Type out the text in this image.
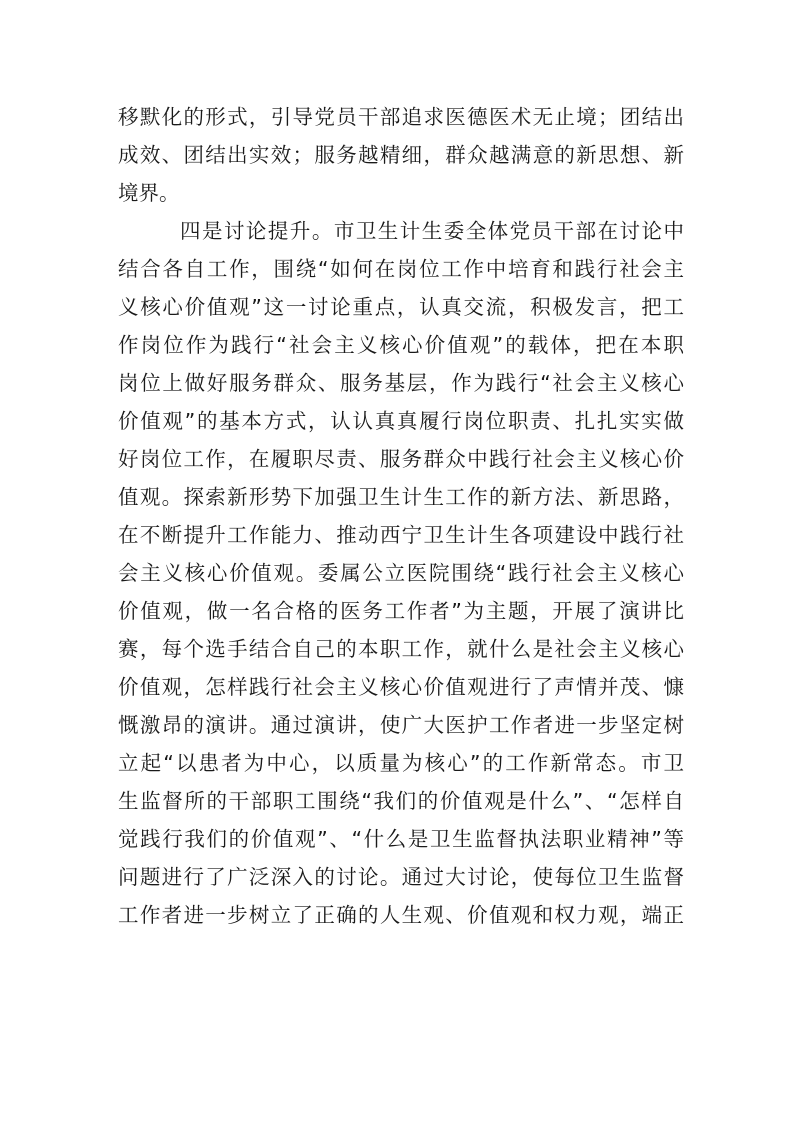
移默化的形式，引导党员干部追求医德医术无止境；团结出
成效、团结出实效；服务越精细，群众越满意的新思想、新
境界。
四是讨论提升。市卫生计生委全体党员干部在讨论中
结合各自工作，围绕“如何在岗位工作中培育和践行社会主
义核心价值观”这一讨论重点，认真交流，积极发言，把工
作岗位作为践行“社会主义核心价值观”的载体，把在本职
岗位上做好服务群众、服务基层，作为践行“社会主义核心
价值观”的基本方式，认认真真履行岗位职责、扎扎实实做
好岗位工作，在履职尽责、服务群众中践行社会主义核心价
值观。探索新形势下加强卫生计生工作的新方法、新思路，
在不断提升工作能力、推动西宁卫生计生各项建设中践行社
会主义核心价值观。委属公立医院围绕“践行社会主义核心
价值观，做一名合格的医务工作者”为主题，开展了演讲比
赛，每个选手结合自己的本职工作，就什么是社会主义核心
价值观，怎样践行社会主义核心价值观进行了声情并茂、慷
慨激昂的演讲。通过演讲，使广大医护工作者进一步坚定树
立起“以患者为中心，以质量为核心”的工作新常态。市卫
生监督所的干部职工围绕“我们的价值观是什么”、“怎样自
觉践行我们的价值观”、“什么是卫生监督执法职业精神”等
问题进行了广泛深入的讨论。通过大讨论，使每位卫生监督
工作者进一步树立了正确的人生观、价值观和权力观，端正
